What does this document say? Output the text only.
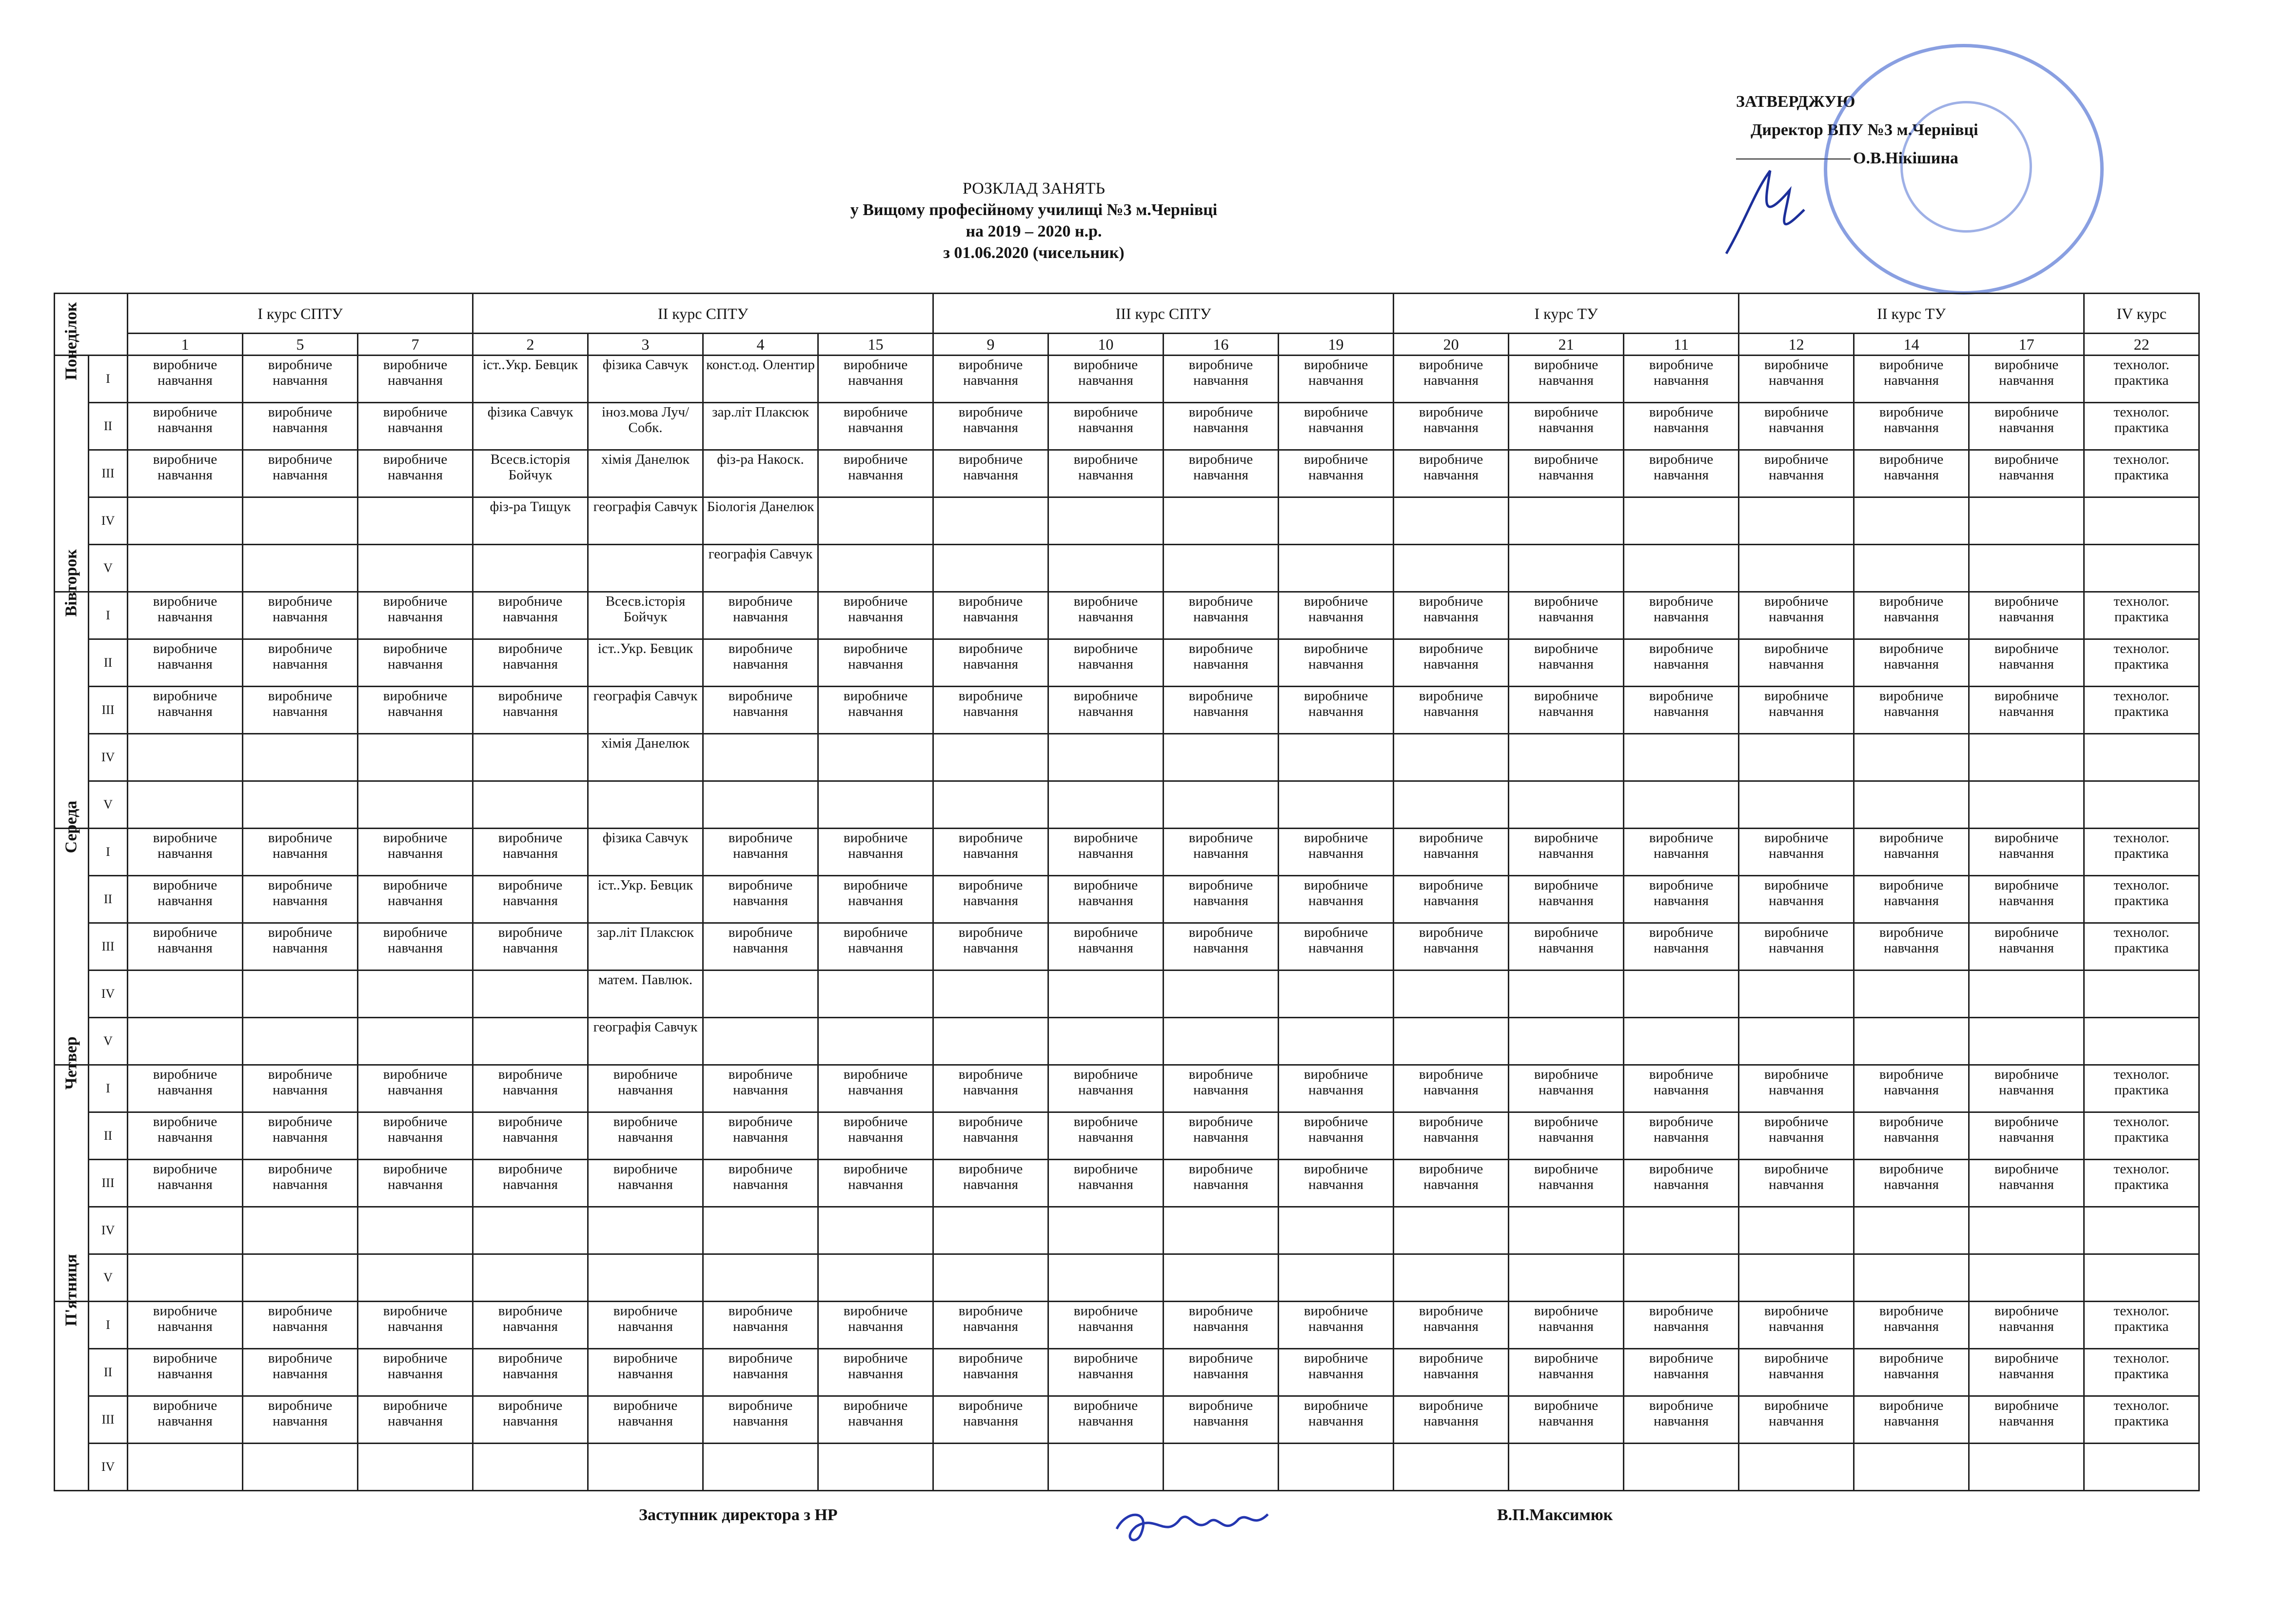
ЗАТВЕРДЖУЮ
Директор ВПУ №3 м.Чернівці
О.В.Нікішина
РОЗКЛАД ЗАНЯТЬ
у Вищому професійному училищі №3 м.Чернівці
на 2019 – 2020 н.р.
з 01.06.2020 (чисельник)
		І курс СПТУ			ІІ курс СПТУ				ІІІ курс СПТУ				І курс ТУ			ІІ курс ТУ			IV курс
		1	5	7	2	3	4	15	9	10	16	19	20	21	11	12	14	17	22

Понеділок	I	виробниче навчання	виробниче навчання	виробниче навчання	іст..Укр. Бевцик	фізика Савчук	конст.од. Олентир	виробниче навчання	виробниче навчання	виробниче навчання	виробниче навчання	виробниче навчання	виробниче навчання	виробниче навчання	виробниче навчання	виробниче навчання	виробниче навчання	виробниче навчання	технолог. практика
	II	виробниче навчання	виробниче навчання	виробниче навчання	фізика Савчук	іноз.мова Луч/Собк.	зар.літ Плаксюк	виробниче навчання	виробниче навчання	виробниче навчання	виробниче навчання	виробниче навчання	виробниче навчання	виробниче навчання	виробниче навчання	виробниче навчання	виробниче навчання	виробниче навчання	технолог. практика
	III	виробниче навчання	виробниче навчання	виробниче навчання	Всесв.історія Бойчук	хімія Данелюк	фіз-ра Накоск.	виробниче навчання	виробниче навчання	виробниче навчання	виробниче навчання	виробниче навчання	виробниче навчання	виробниче навчання	виробниче навчання	виробниче навчання	виробниче навчання	виробниче навчання	технолог. практика
	IV				фіз-ра Тищук	географія Савчук	Біологія Данелюк												
	V						географія Савчук												

Вівторок	I	виробниче навчання	виробниче навчання	виробниче навчання	виробниче навчання	Всесв.історія Бойчук	виробниче навчання	виробниче навчання	виробниче навчання	виробниче навчання	виробниче навчання	виробниче навчання	виробниче навчання	виробниче навчання	виробниче навчання	виробниче навчання	виробниче навчання	виробниче навчання	технолог. практика
	II	виробниче навчання	виробниче навчання	виробниче навчання	виробниче навчання	іст..Укр. Бевцик	виробниче навчання	виробниче навчання	виробниче навчання	виробниче навчання	виробниче навчання	виробниче навчання	виробниче навчання	виробниче навчання	виробниче навчання	виробниче навчання	виробниче навчання	виробниче навчання	технолог. практика
	III	виробниче навчання	виробниче навчання	виробниче навчання	виробниче навчання	географія Савчук	виробниче навчання	виробниче навчання	виробниче навчання	виробниче навчання	виробниче навчання	виробниче навчання	виробниче навчання	виробниче навчання	виробниче навчання	виробниче навчання	виробниче навчання	виробниче навчання	технолог. практика
	IV					хімія Данелюк													
	V																		

Середа	I	виробниче навчання	виробниче навчання	виробниче навчання	виробниче навчання	фізика Савчук	виробниче навчання	виробниче навчання	виробниче навчання	виробниче навчання	виробниче навчання	виробниче навчання	виробниче навчання	виробниче навчання	виробниче навчання	виробниче навчання	виробниче навчання	виробниче навчання	технолог. практика
	II	виробниче навчання	виробниче навчання	виробниче навчання	виробниче навчання	іст..Укр. Бевцик	виробниче навчання	виробниче навчання	виробниче навчання	виробниче навчання	виробниче навчання	виробниче навчання	виробниче навчання	виробниче навчання	виробниче навчання	виробниче навчання	виробниче навчання	виробниче навчання	технолог. практика
	III	виробниче навчання	виробниче навчання	виробниче навчання	виробниче навчання	зар.літ Плаксюк	виробниче навчання	виробниче навчання	виробниче навчання	виробниче навчання	виробниче навчання	виробниче навчання	виробниче навчання	виробниче навчання	виробниче навчання	виробниче навчання	виробниче навчання	виробниче навчання	технолог. практика
	IV					матем. Павлюк.													
	V					географія Савчук													

Четвер	I	виробниче навчання	виробниче навчання	виробниче навчання	виробниче навчання	виробниче навчання	виробниче навчання	виробниче навчання	виробниче навчання	виробниче навчання	виробниче навчання	виробниче навчання	виробниче навчання	виробниче навчання	виробниче навчання	виробниче навчання	виробниче навчання	виробниче навчання	технолог. практика
	II	виробниче навчання	виробниче навчання	виробниче навчання	виробниче навчання	виробниче навчання	виробниче навчання	виробниче навчання	виробниче навчання	виробниче навчання	виробниче навчання	виробниче навчання	виробниче навчання	виробниче навчання	виробниче навчання	виробниче навчання	виробниче навчання	виробниче навчання	технолог. практика
	III	виробниче навчання	виробниче навчання	виробниче навчання	виробниче навчання	виробниче навчання	виробниче навчання	виробниче навчання	виробниче навчання	виробниче навчання	виробниче навчання	виробниче навчання	виробниче навчання	виробниче навчання	виробниче навчання	виробниче навчання	виробниче навчання	виробниче навчання	технолог. практика
	IV																		
	V																		

П'ятниця	I	виробниче навчання	виробниче навчання	виробниче навчання	виробниче навчання	виробниче навчання	виробниче навчання	виробниче навчання	виробниче навчання	виробниче навчання	виробниче навчання	виробниче навчання	виробниче навчання	виробниче навчання	виробниче навчання	виробниче навчання	виробниче навчання	виробниче навчання	технолог. практика
	II	виробниче навчання	виробниче навчання	виробниче навчання	виробниче навчання	виробниче навчання	виробниче навчання	виробниче навчання	виробниче навчання	виробниче навчання	виробниче навчання	виробниче навчання	виробниче навчання	виробниче навчання	виробниче навчання	виробниче навчання	виробниче навчання	виробниче навчання	технолог. практика
	III	виробниче навчання	виробниче навчання	виробниче навчання	виробниче навчання	виробниче навчання	виробниче навчання	виробниче навчання	виробниче навчання	виробниче навчання	виробниче навчання	виробниче навчання	виробниче навчання	виробниче навчання	виробниче навчання	виробниче навчання	виробниче навчання	виробниче навчання	технолог. практика
	IV																		
Заступник директора з НР	В.П.Максимюк
